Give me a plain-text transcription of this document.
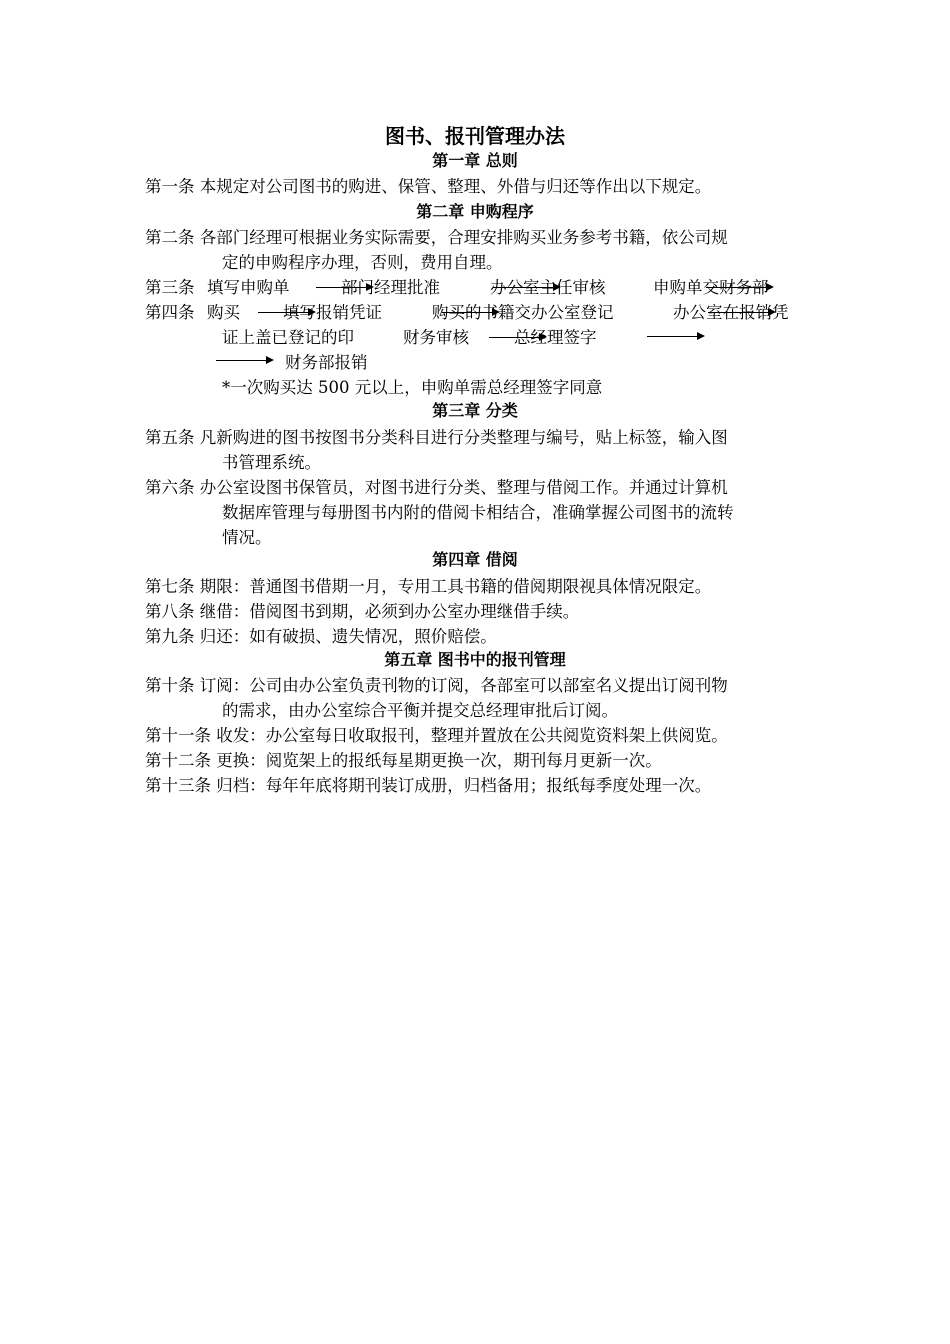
图书、报刊管理办法
第一章 总则
第一条 本规定对公司图书的购进、保管、整理、外借与归还等作出以下规定。
第二章 申购程序
第二条 各部门经理可根据业务实际需要，合理安排购买业务参考书籍，依公司规
定的申购程序办理，否则，费用自理。
第三条 填写申购单	部门经理批准	办公室主任审核	申购单交财务部
第四条 购买	填写报销凭证	购买的书籍交办公室登记	办公室在报销凭
证上盖已登记的印	财务审核	总经理签字
财务部报销
*一次购买达 500 元以上，申购单需总经理签字同意
第三章 分类
第五条 凡新购进的图书按图书分类科目进行分类整理与编号，贴上标签，输入图
书管理系统。
第六条 办公室设图书保管员，对图书进行分类、整理与借阅工作。并通过计算机
数据库管理与每册图书内附的借阅卡相结合，准确掌握公司图书的流转
情况。
第四章 借阅
第七条 期限：普通图书借期一月，专用工具书籍的借阅期限视具体情况限定。
第八条 继借：借阅图书到期，必须到办公室办理继借手续。
第九条 归还：如有破损、遗失情况，照价赔偿。
第五章 图书中的报刊管理
第十条 订阅：公司由办公室负责刊物的订阅，各部室可以部室名义提出订阅刊物
的需求，由办公室综合平衡并提交总经理审批后订阅。
第十一条 收发：办公室每日收取报刊，整理并置放在公共阅览资料架上供阅览。
第十二条 更换：阅览架上的报纸每星期更换一次，期刊每月更新一次。
第十三条 归档：每年年底将期刊装订成册，归档备用；报纸每季度处理一次。
